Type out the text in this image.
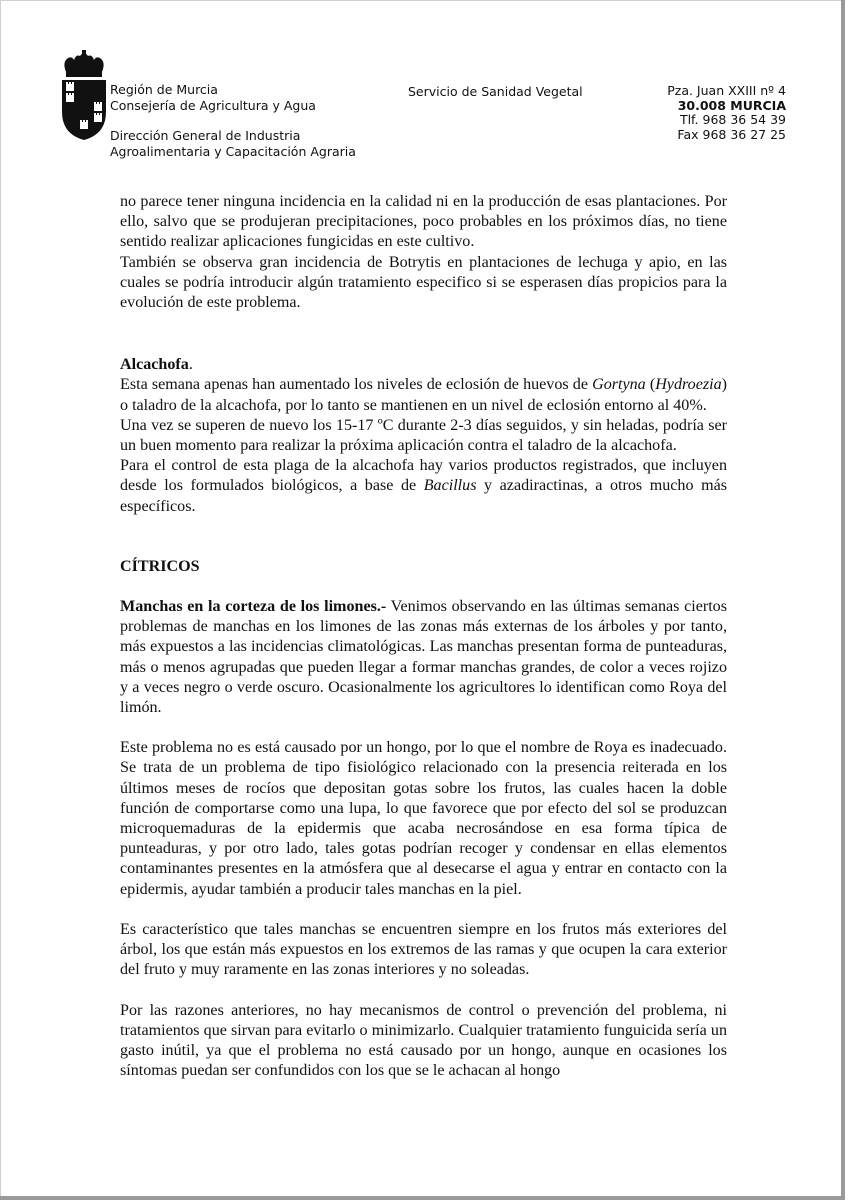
Región de Murcia
Consejería de Agricultura y Agua
Dirección General de Industria
Agroalimentaria y Capacitación Agraria
Servicio de Sanidad Vegetal	Pza. Juan XXIII nº 4
30.008 MURCIA
Tlf. 968 36 54 39
Fax 968 36 27 25

no parece tener ninguna incidencia en la calidad ni en la producción de esas plantaciones. Por ello, salvo que se produjeran precipitaciones, poco probables en los próximos días, no tiene sentido realizar aplicaciones fungicidas en este cultivo.

También se observa gran incidencia de Botrytis en plantaciones de lechuga y apio, en las cuales se podría introducir algún tratamiento especifico si se esperasen días propicios para la evolución de este problema.

Alcachofa.

Esta semana apenas han aumentado los niveles de eclosión de huevos de Gortyna (Hydroezia) o taladro de la alcachofa, por lo tanto se mantienen en un nivel de eclosión entorno al 40%.

Una vez se superen de nuevo los 15-17 ºC durante 2-3 días seguidos, y sin heladas, podría ser un buen momento para realizar la próxima aplicación contra el taladro de la alcachofa.

Para el control de esta plaga de la alcachofa hay varios productos registrados, que incluyen desde los formulados biológicos, a base de Bacillus y azadiractinas, a otros mucho más específicos.

CÍTRICOS

Manchas en la corteza de los limones.- Venimos observando en las últimas semanas ciertos problemas de manchas en los limones de las zonas más externas de los árboles y por tanto, más expuestos a las incidencias climatológicas. Las manchas presentan forma de punteaduras, más o menos agrupadas que pueden llegar a formar manchas grandes, de color a veces rojizo y a veces negro o verde oscuro. Ocasionalmente los agricultores lo identifican como Roya del limón.

Este problema no es está causado por un hongo, por lo que el nombre de Roya es inadecuado. Se trata de un problema de tipo fisiológico relacionado con la presencia reiterada en los últimos meses de rocíos que depositan gotas sobre los frutos, las cuales hacen la doble función de comportarse como una lupa, lo que favorece que por efecto del sol se produzcan microquemaduras de la epidermis que acaba necrosándose en esa forma típica de punteaduras, y por otro lado, tales gotas podrían recoger y condensar en ellas elementos contaminantes presentes en la atmósfera que al desecarse el agua y entrar en contacto con la epidermis, ayudar también a producir tales manchas en la piel.

Es característico que tales manchas se encuentren siempre en los frutos más exteriores del árbol, los que están más expuestos en los extremos de las ramas y que ocupen la cara exterior del fruto y muy raramente en las zonas interiores y no soleadas.

Por las razones anteriores, no hay mecanismos de control o prevención del problema, ni tratamientos que sirvan para evitarlo o minimizarlo. Cualquier tratamiento funguicida sería un gasto inútil, ya que el problema no está causado por un hongo, aunque en ocasiones los síntomas puedan ser confundidos con los que se le achacan al hongo
